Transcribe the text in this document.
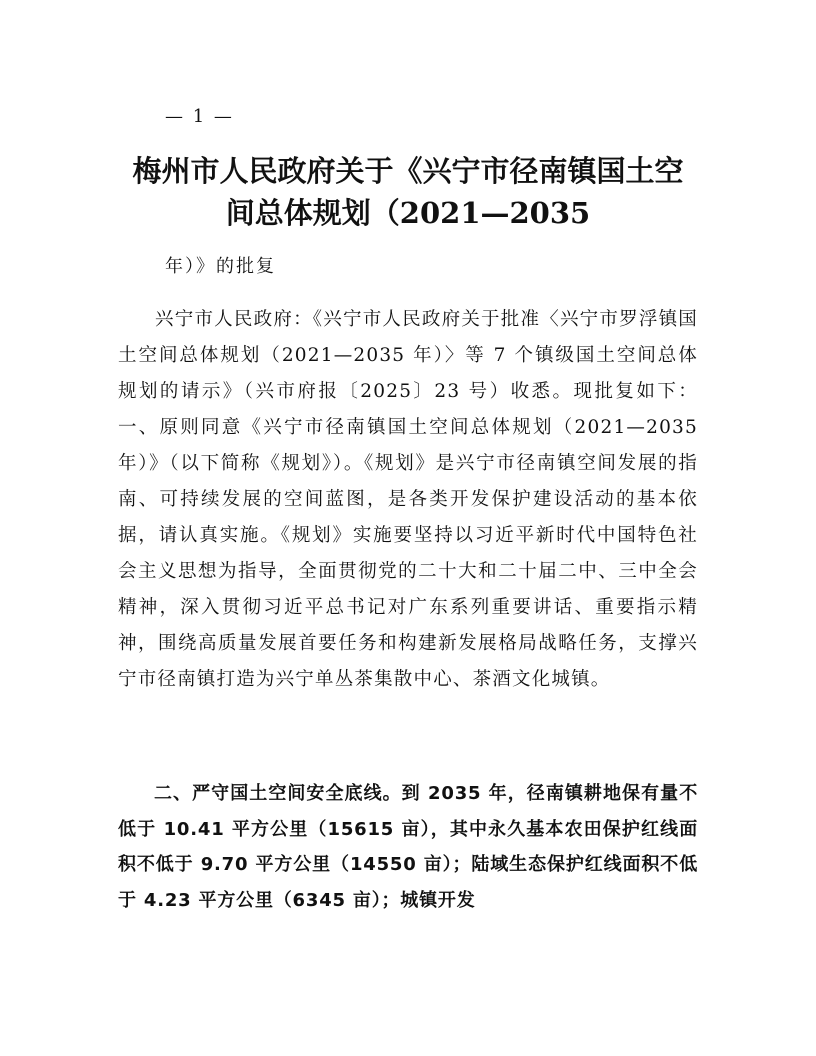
— 1 —
梅州市人民政府关于《兴宁市径南镇国土空
间总体规划（2021—2035
年）》的批复

兴宁市人民政府：《兴宁市人民政府关于批准〈兴宁市罗浮镇国土空间总体规划（2021—2035 年）〉等 7 个镇级国土空间总体规划的请示》（兴市府报〔2025〕23 号）收悉。现批复如下：一、原则同意《兴宁市径南镇国土空间总体规划（2021—2035 年）》（以下简称《规划》）。《规划》是兴宁市径南镇空间发展的指南、可持续发展的空间蓝图，是各类开发保护建设活动的基本依据，请认真实施。《规划》实施要坚持以习近平新时代中国特色社会主义思想为指导，全面贯彻党的二十大和二十届二中、三中全会精神，深入贯彻习近平总书记对广东系列重要讲话、重要指示精神，围绕高质量发展首要任务和构建新发展格局战略任务，支撑兴宁市径南镇打造为兴宁单丛茶集散中心、茶酒文化城镇。

二、严守国土空间安全底线。到 2035 年，径南镇耕地保有量不低于 10.41 平方公里（15615 亩），其中永久基本农田保护红线面积不低于 9.70 平方公里（14550 亩）；陆域生态保护红线面积不低于 4.23 平方公里（6345 亩）；城镇开发
